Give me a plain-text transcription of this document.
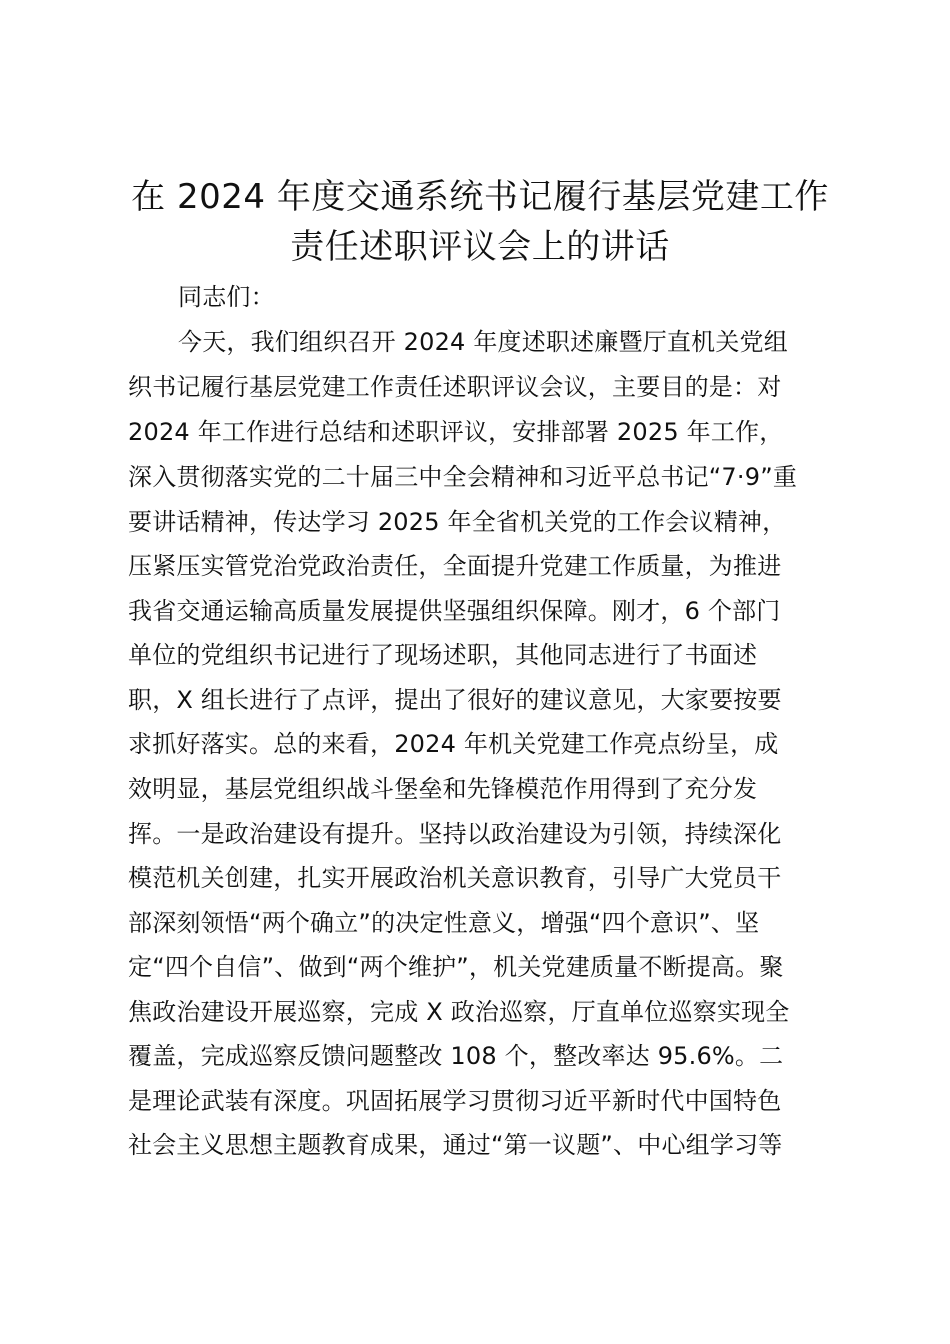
在 2024 年度交通系统书记履行基层党建工作
责任述职评议会上的讲话
同志们：
今天，我们组织召开 2024 年度述职述廉暨厅直机关党组
织书记履行基层党建工作责任述职评议会议，主要目的是：对
2024 年工作进行总结和述职评议，安排部署 2025 年工作，
深入贯彻落实党的二十届三中全会精神和习近平总书记“7·9”重
要讲话精神，传达学习 2025 年全省机关党的工作会议精神，
压紧压实管党治党政治责任，全面提升党建工作质量，为推进
我省交通运输高质量发展提供坚强组织保障。刚才，6 个部门
单位的党组织书记进行了现场述职，其他同志进行了书面述
职，X 组长进行了点评，提出了很好的建议意见，大家要按要
求抓好落实。总的来看，2024 年机关党建工作亮点纷呈，成
效明显，基层党组织战斗堡垒和先锋模范作用得到了充分发
挥。一是政治建设有提升。坚持以政治建设为引领，持续深化
模范机关创建，扎实开展政治机关意识教育，引导广大党员干
部深刻领悟“两个确立”的决定性意义，增强“四个意识”、坚
定“四个自信”、做到“两个维护”，机关党建质量不断提高。聚
焦政治建设开展巡察，完成 X 政治巡察，厅直单位巡察实现全
覆盖，完成巡察反馈问题整改 108 个，整改率达 95.6%。二
是理论武装有深度。巩固拓展学习贯彻习近平新时代中国特色
社会主义思想主题教育成果，通过“第一议题”、中心组学习等
